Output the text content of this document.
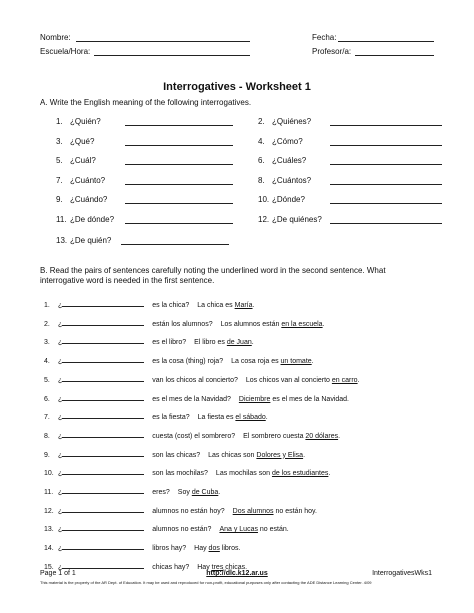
Nombre:	Fecha:
Escuela/Hora:	Profesor/a:
Interrogatives - Worksheet 1
A. Write the English meaning of the following interrogatives.
1. ¿Quién?	2. ¿Quiénes?
3. ¿Qué?	4. ¿Cómo?
5. ¿Cuál?	6. ¿Cuáles?
7. ¿Cuánto?	8. ¿Cuántos?
9. ¿Cuándo?	10. ¿Dónde?
11. ¿De dónde?	12. ¿De quiénes?
13. ¿De quién?
B. Read the pairs of sentences carefully noting the underlined word in the second sentence. What
interrogative word is needed in the first sentence.
1. ¿	es la chica? La chica es María.
2. ¿	están los alumnos? Los alumnos están en la escuela.
3. ¿	es el libro? El libro es de Juan.
4. ¿	es la cosa (thing) roja? La cosa roja es un tomate.
5. ¿	van los chicos al concierto? Los chicos van al concierto en carro.
6. ¿	es el mes de la Navidad? Diciembre es el mes de la Navidad.
7. ¿	es la fiesta? La fiesta es el sábado.
8. ¿	cuesta (cost) el sombrero? El sombrero cuesta 20 dólares.
9. ¿	son las chicas? Las chicas son Dolores y Elisa.
10. ¿	son las mochilas? Las mochilas son de los estudiantes.
11. ¿	eres? Soy de Cuba.
12. ¿	alumnos no están hoy? Dos alumnos no están hoy.
13. ¿	alumnos no están? Ana y Lucas no están.
14. ¿	libros hay? Hay dos libros.
15. ¿	chicas hay? Hay tres chicas.
Page 1 of 1	http://dlc.k12.ar.us	InterrogativesWks1
This material is the property of the AR Dept. of Education. It may be used and reproduced for non-profit, educational purposes only after contacting the ADE Distance Learning Center. 4/09
